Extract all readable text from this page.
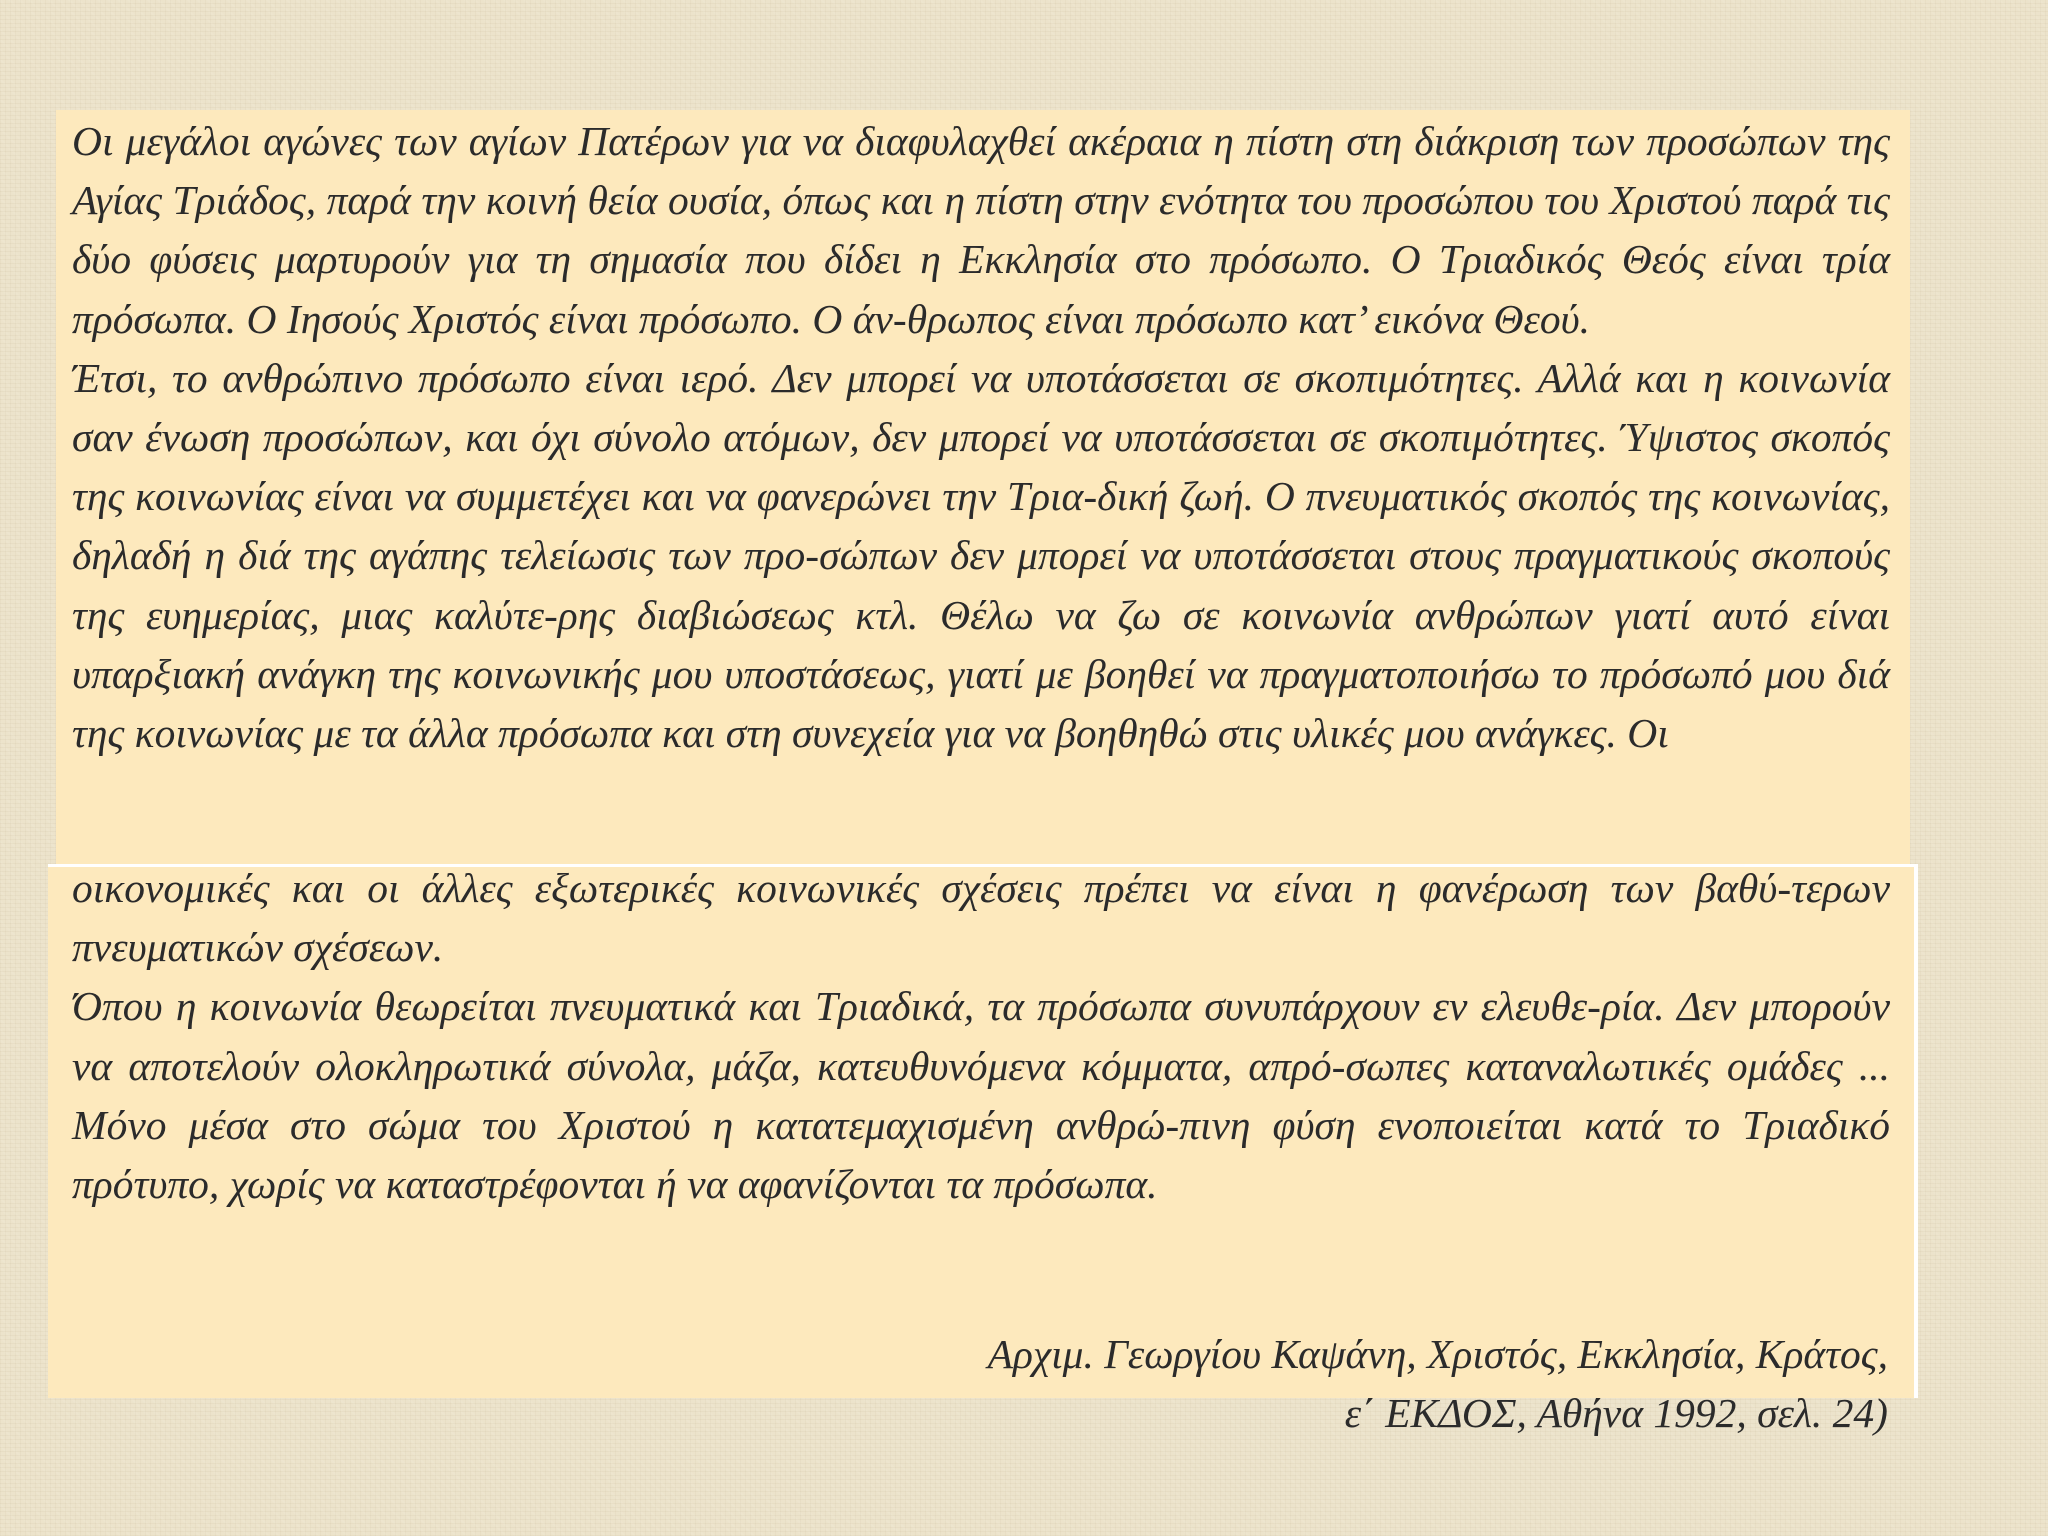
Οι μεγάλοι αγώνες των αγίων Πατέρων για να διαφυλαχθεί ακέραια η πίστη στη διάκριση των προσώπων της Αγίας Τριάδος, παρά την κοινή θεία ουσία, όπως και η πίστη στην ενότητα του προσώπου του Χριστού παρά τις δύο φύσεις μαρτυρούν για τη σημασία που δίδει η Εκκλησία στο πρόσωπο. Ο Τριαδικός Θεός είναι τρία πρόσωπα. Ο Ιησούς Χριστός είναι πρόσωπο. Ο άν-θρωπος είναι πρόσωπο κατ’ εικόνα Θεού.

Έτσι, το ανθρώπινο πρόσωπο είναι ιερό. Δεν μπορεί να υποτάσσεται σε σκοπιμότητες. Αλλά και η κοινωνία σαν ένωση προσώπων, και όχι σύνολο ατόμων, δεν μπορεί να υποτάσσεται σε σκοπιμότητες. Ύψιστος σκοπός της κοινωνίας είναι να συμμετέχει και να φανερώνει την Τρια-δική ζωή. Ο πνευματικός σκοπός της κοινωνίας, δηλαδή η διά της αγάπης τελείωσις των προ-σώπων δεν μπορεί να υποτάσσεται στους πραγματικούς σκοπούς της ευημερίας, μιας καλύτε-ρης διαβιώσεως κτλ. Θέλω να ζω σε κοινωνία ανθρώπων γιατί αυτό είναι υπαρξιακή ανάγκη της κοινωνικής μου υποστάσεως, γιατί με βοηθεί να πραγματοποιήσω το πρόσωπό μου διά της κοινωνίας με τα άλλα πρόσωπα και στη συνεχεία για να βοηθηθώ στις υλικές μου ανάγκες. Οι

οικονομικές και οι άλλες εξωτερικές κοινωνικές σχέσεις πρέπει να είναι η φανέρωση των βαθύ-τερων πνευματικών σχέσεων.

Όπου η κοινωνία θεωρείται πνευματικά και Τριαδικά, τα πρόσωπα συνυπάρχουν εν ελευθε-ρία. Δεν μπορούν να αποτελούν ολοκληρωτικά σύνολα, μάζα, κατευθυνόμενα κόμματα, απρό-σωπες καταναλωτικές ομάδες ... Μόνο μέσα στο σώμα του Χριστού η κατατεμαχισμένη ανθρώ-πινη φύση ενοποιείται κατά το Τριαδικό πρότυπο, χωρίς να καταστρέφονται ή να αφανίζονται τα πρόσωπα.

Αρχιμ. Γεωργίου Καψάνη, Χριστός, Εκκλησία, Κράτος,
ε΄ ΕΚΔΟΣ, Αθήνα 1992, σελ. 24)
